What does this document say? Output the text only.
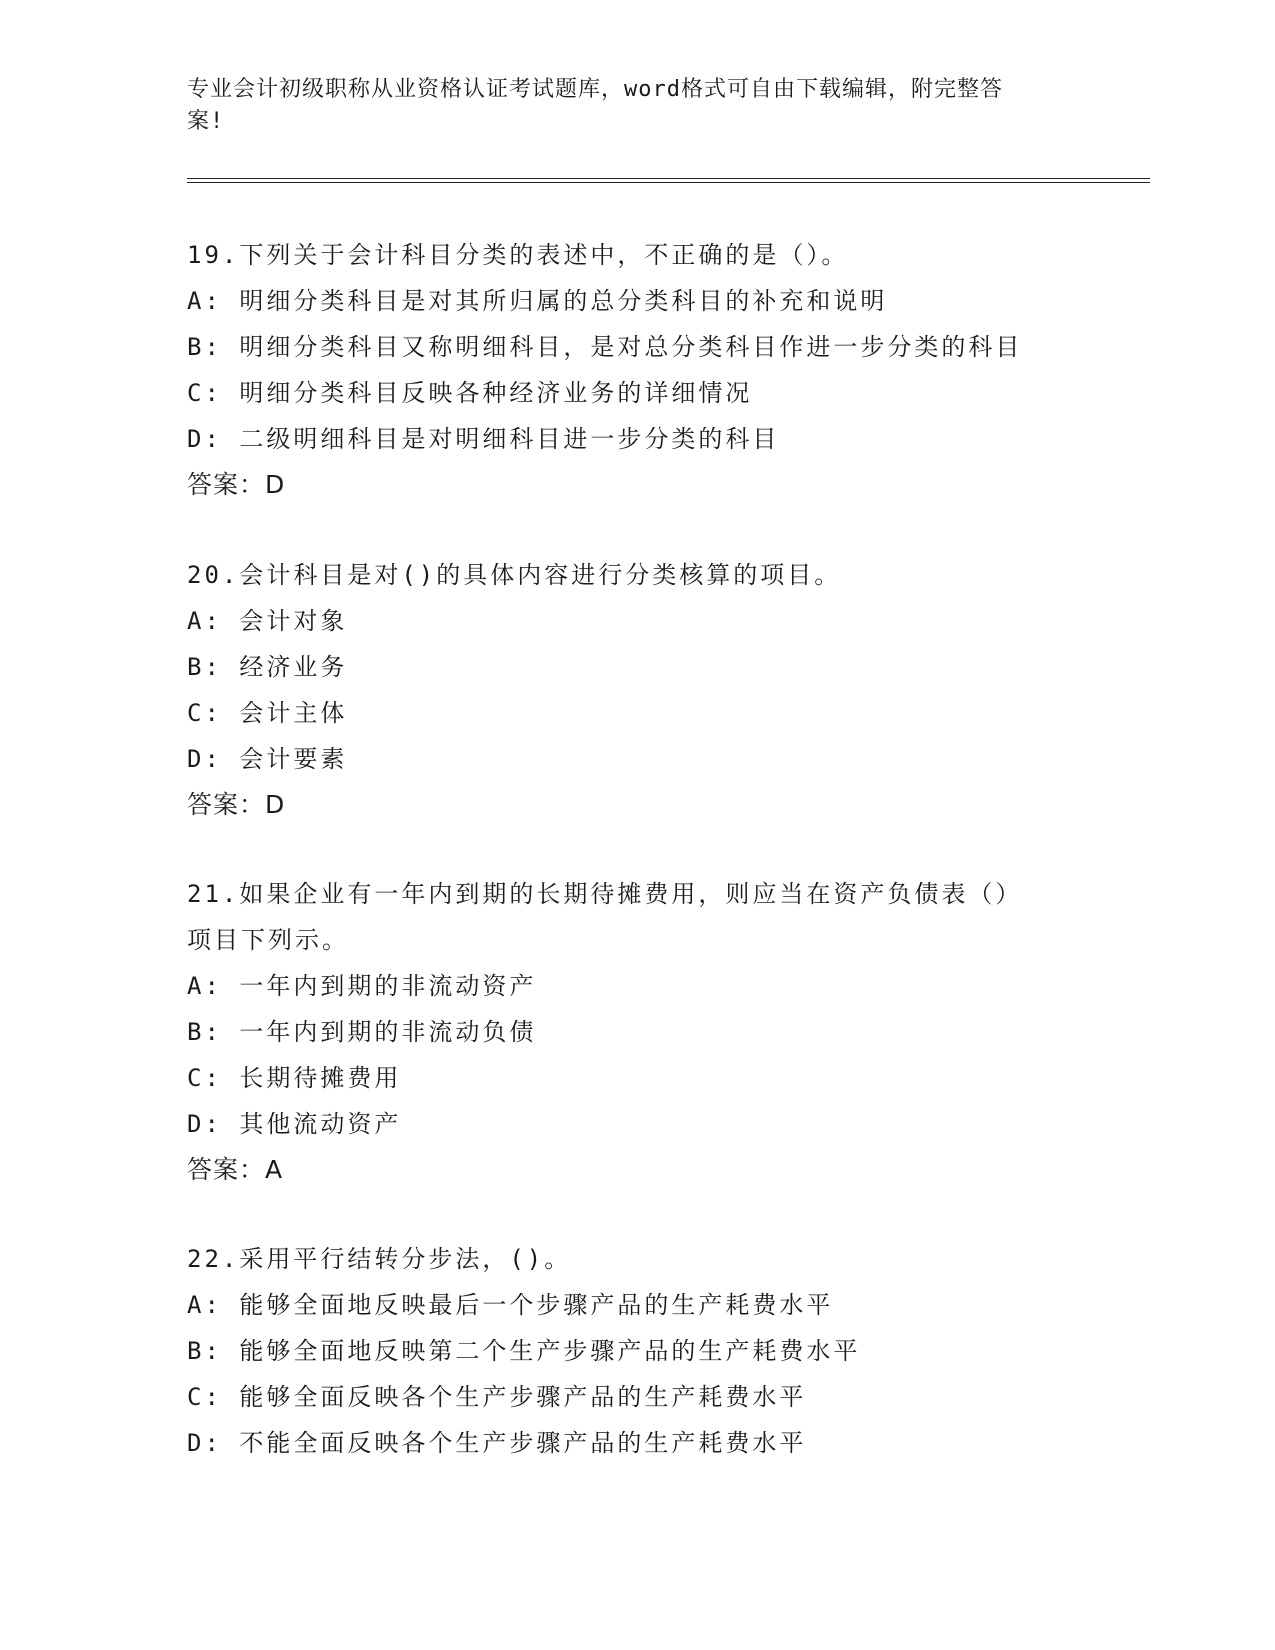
专业会计初级职称从业资格认证考试题库，word格式可自由下载编辑，附完整答
案!
19.下列关于会计科目分类的表述中，不正确的是（）。
A: 明细分类科目是对其所归属的总分类科目的补充和说明
B: 明细分类科目又称明细科目，是对总分类科目作进一步分类的科目
C: 明细分类科目反映各种经济业务的详细情况
D: 二级明细科目是对明细科目进一步分类的科目
答案：D
20.会计科目是对()的具体内容进行分类核算的项目。
A: 会计对象
B: 经济业务
C: 会计主体
D: 会计要素
答案：D
21.如果企业有一年内到期的长期待摊费用，则应当在资产负债表（）
项目下列示。
A: 一年内到期的非流动资产
B: 一年内到期的非流动负债
C: 长期待摊费用
D: 其他流动资产
答案：A
22.采用平行结转分步法，()。
A: 能够全面地反映最后一个步骤产品的生产耗费水平
B: 能够全面地反映第二个生产步骤产品的生产耗费水平
C: 能够全面反映各个生产步骤产品的生产耗费水平
D: 不能全面反映各个生产步骤产品的生产耗费水平
